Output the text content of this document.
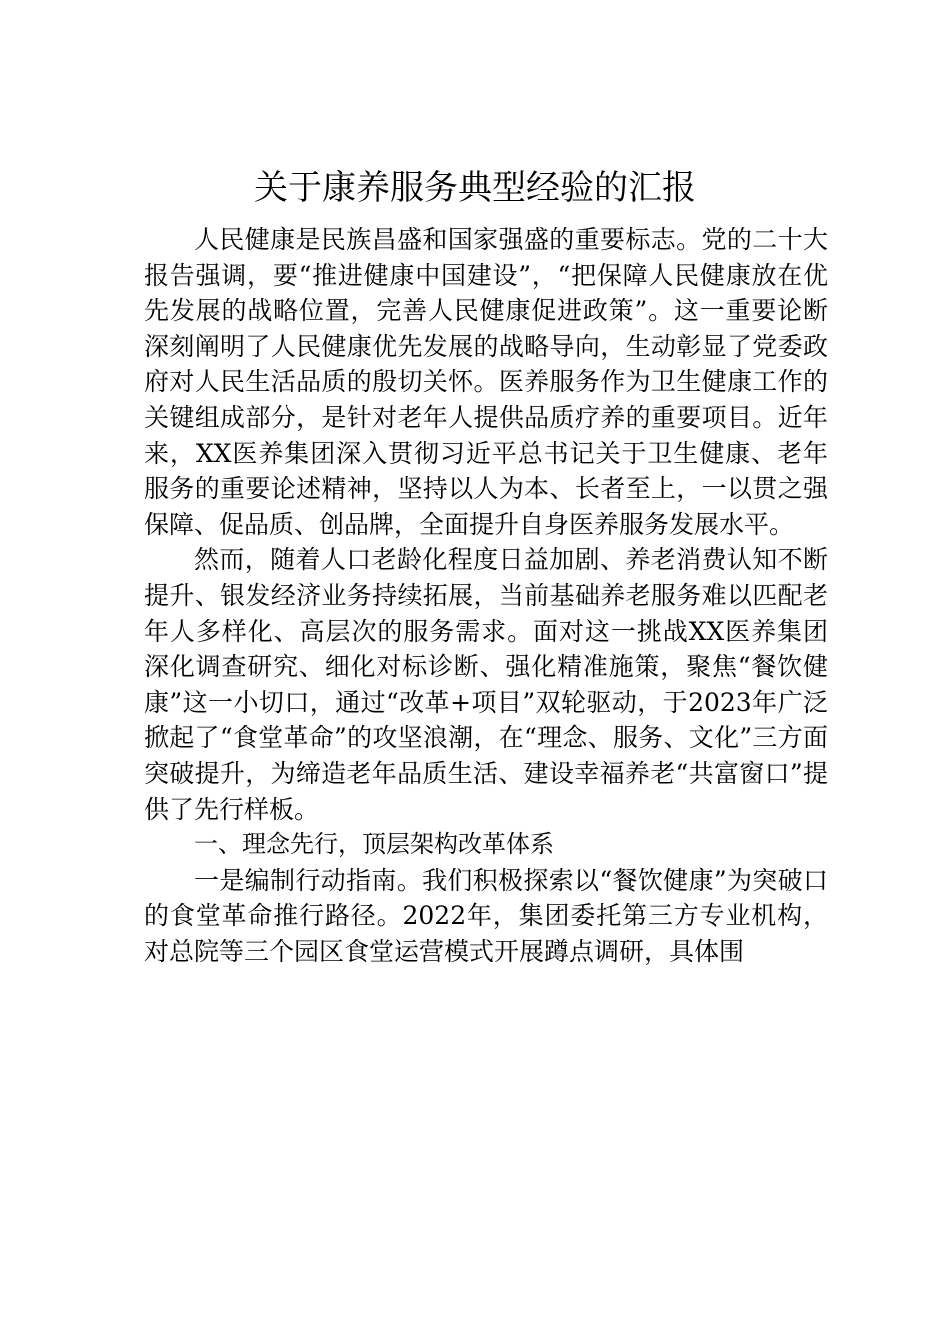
关于康养服务典型经验的汇报

人民健康是民族昌盛和国家强盛的重要标志。党的二十大报告强调，要“推进健康中国建设”，“把保障人民健康放在优先发展的战略位置，完善人民健康促进政策”。这一重要论断深刻阐明了人民健康优先发展的战略导向，生动彰显了党委政府对人民生活品质的殷切关怀。医养服务作为卫生健康工作的关键组成部分，是针对老年人提供品质疗养的重要项目。近年来，XX医养集团深入贯彻习近平总书记关于卫生健康、老年服务的重要论述精神，坚持以人为本、长者至上，一以贯之强保障、促品质、创品牌，全面提升自身医养服务发展水平。

然而，随着人口老龄化程度日益加剧、养老消费认知不断提升、银发经济业务持续拓展，当前基础养老服务难以匹配老年人多样化、高层次的服务需求。面对这一挑战XX医养集团深化调查研究、细化对标诊断、强化精准施策，聚焦“餐饮健康”这一小切口，通过“改革+项目”双轮驱动，于2023年广泛掀起了“食堂革命”的攻坚浪潮，在“理念、服务、文化”三方面突破提升，为缔造老年品质生活、建设幸福养老“共富窗口”提供了先行样板。

一、理念先行，顶层架构改革体系

一是编制行动指南。我们积极探索以“餐饮健康”为突破口的食堂革命推行路径。2022年，集团委托第三方专业机构，对总院等三个园区食堂运营模式开展蹲点调研，具体围
